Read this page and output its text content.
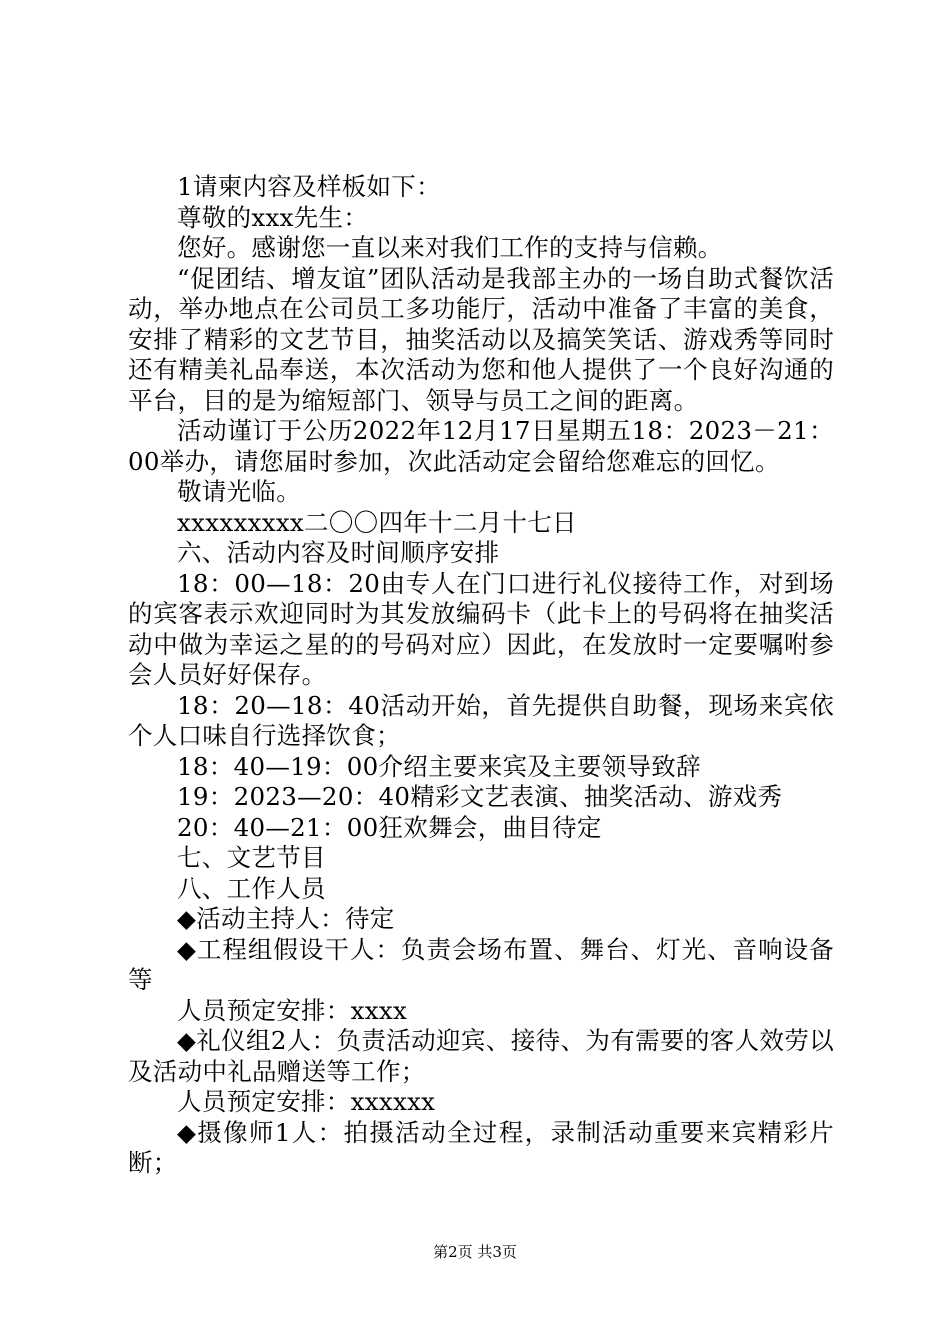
1请柬内容及样板如下：

尊敬的xxx先生：

您好。感谢您一直以来对我们工作的支持与信赖。

“促团结、增友谊”团队活动是我部主办的一场自助式餐饮活动，举办地点在公司员工多功能厅，活动中准备了丰富的美食，安排了精彩的文艺节目，抽奖活动以及搞笑笑话、游戏秀等同时还有精美礼品奉送，本次活动为您和他人提供了一个良好沟通的平台，目的是为缩短部门、领导与员工之间的距离。

活动谨订于公历2022年12月17日星期五18：2023－21：00举办，请您届时参加，次此活动定会留给您难忘的回忆。

敬请光临。

xxxxxxxxx二〇〇四年十二月十七日

六、活动内容及时间顺序安排

18：00—18：20由专人在门口进行礼仪接待工作，对到场的宾客表示欢迎同时为其发放编码卡（此卡上的号码将在抽奖活动中做为幸运之星的的号码对应）因此，在发放时一定要嘱咐参会人员好好保存。

18：20—18：40活动开始，首先提供自助餐，现场来宾依个人口味自行选择饮食；

18：40—19：00介绍主要来宾及主要领导致辞

19：2023—20：40精彩文艺表演、抽奖活动、游戏秀

20：40—21：00狂欢舞会，曲目待定

七、文艺节目

八、工作人员

◆活动主持人：待定

◆工程组假设干人：负责会场布置、舞台、灯光、音响设备等

人员预定安排：xxxx

◆礼仪组2人：负责活动迎宾、接待、为有需要的客人效劳以及活动中礼品赠送等工作；

人员预定安排：xxxxxx

◆摄像师1人：拍摄活动全过程，录制活动重要来宾精彩片断；

第2页 共3页
